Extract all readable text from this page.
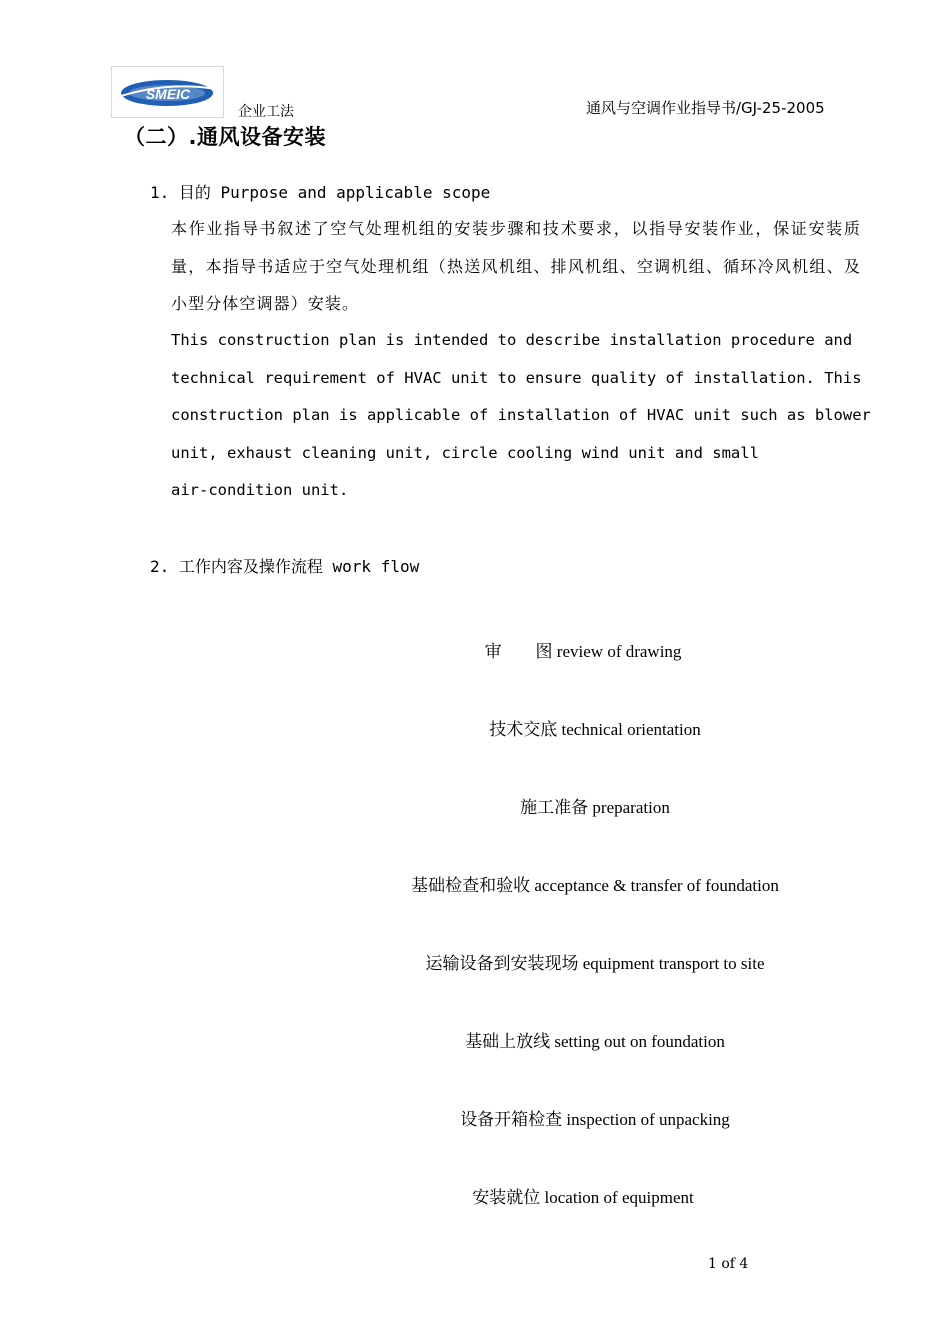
SMEIC
企业工法	通风与空调作业指导书/GJ-25-2005
（二）.通风设备安装
1. 目的 Purpose and applicable scope
本作业指导书叙述了空气处理机组的安装步骤和技术要求，以指导安装作业，保证安装质量，本指导书适应于空气处理机组（热送风机组、排风机组、空调机组、循环冷风机组、及小型分体空调器）安装。
This construction plan is intended to describe installation procedure and
technical requirement of HVAC unit to ensure quality of installation. This
construction plan is applicable of installation of HVAC unit such as blower
unit, exhaust cleaning unit, circle cooling wind unit and small
air-condition unit.
2. 工作内容及操作流程 work flow
审　　图 review of drawing
技术交底 technical orientation
施工准备 preparation
基础检查和验收 acceptance & transfer of foundation
运输设备到安装现场 equipment transport to site
基础上放线 setting out on foundation
设备开箱检查 inspection of unpacking
安装就位 location of equipment
1 of 4
